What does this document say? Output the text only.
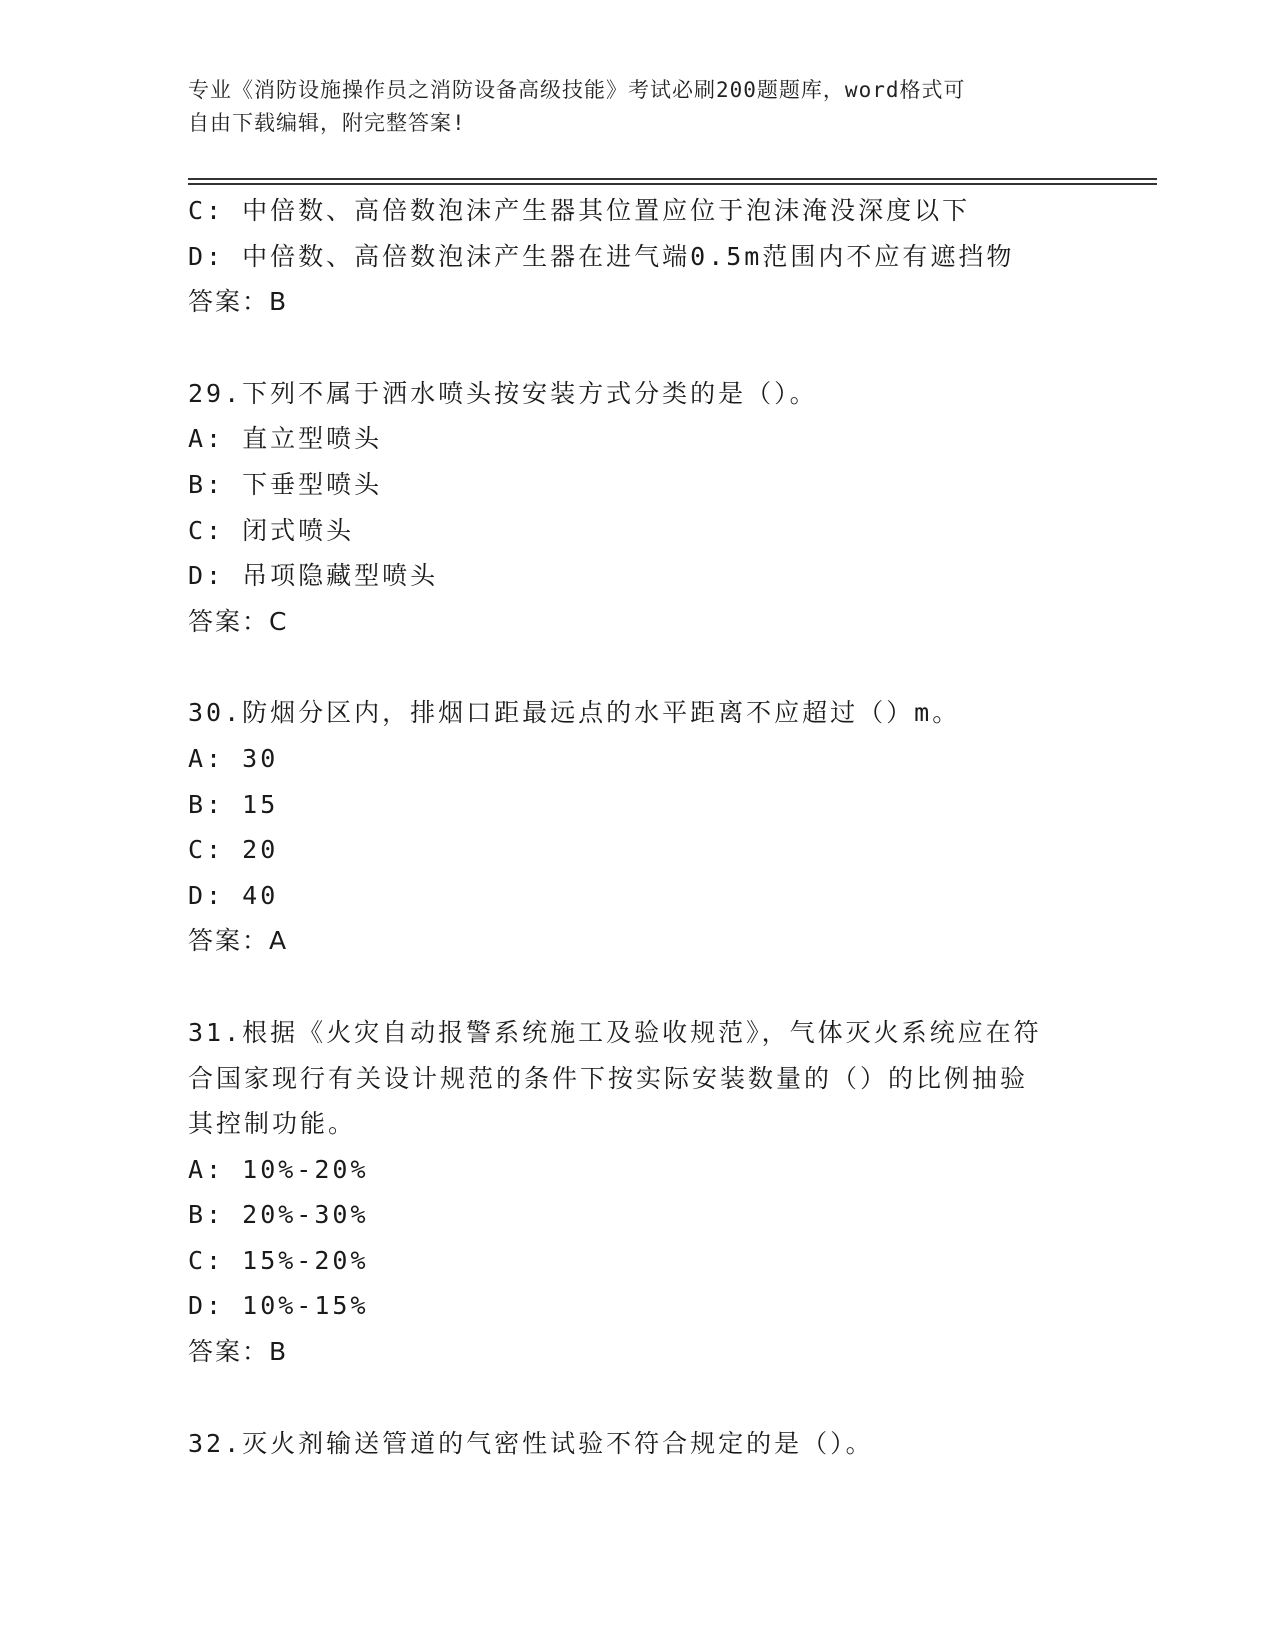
专业《消防设施操作员之消防设备高级技能》考试必刷200题题库，word格式可
自由下载编辑，附完整答案!
C: 中倍数、高倍数泡沫产生器其位置应位于泡沫淹没深度以下
D: 中倍数、高倍数泡沫产生器在进气端0.5m范围内不应有遮挡物
答案：B
29.下列不属于洒水喷头按安装方式分类的是（）。
A: 直立型喷头
B: 下垂型喷头
C: 闭式喷头
D: 吊项隐藏型喷头
答案：C
30.防烟分区内，排烟口距最远点的水平距离不应超过（）m。
A: 30
B: 15
C: 20
D: 40
答案：A
31.根据《火灾自动报警系统施工及验收规范》，气体灭火系统应在符
合国家现行有关设计规范的条件下按实际安装数量的（）的比例抽验
其控制功能。
A: 10%-20%
B: 20%-30%
C: 15%-20%
D: 10%-15%
答案：B
32.灭火剂输送管道的气密性试验不符合规定的是（）。
